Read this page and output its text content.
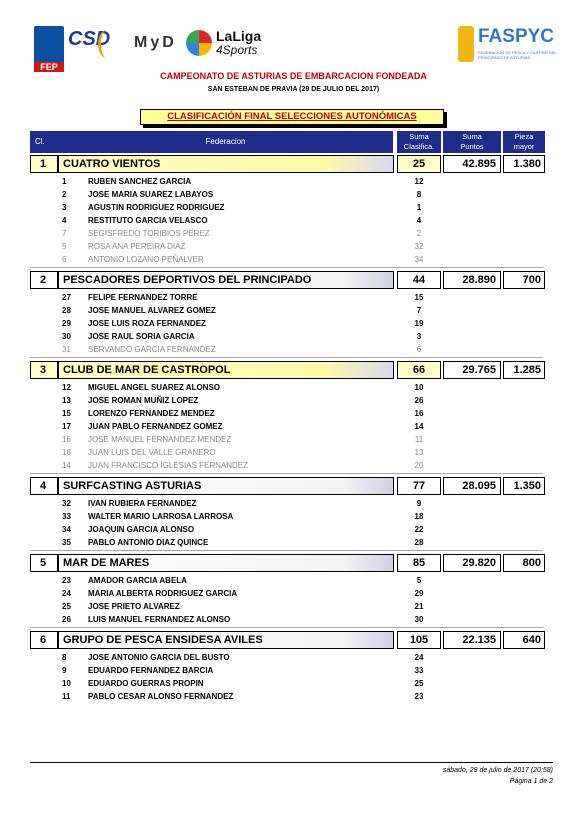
FEP
CSD MyD	LaLiga
4Sports
FASPYC
FEDERACION DE PESCA Y CASTING DEL PRINCIPADO DE ASTURIAS
CAMPEONATO DE ASTURIAS DE EMBARCACION FONDEADA
SAN ESTEBAN DE PRAVIA (29 DE JULIO DEL 2017)
CLASIFICACIÓN FINAL SELECCIONES AUTONÓMICAS
Cl.	Federacion
Suma
Clasifica.
Suma
Puntos
Pieza
mayor
1	CUATRO VIENTOS	25	42.895	1.380
1	RUBEN SANCHEZ GARCIA	12
2	JOSE MARIA SUAREZ LABAYOS	8
3	AGUSTIN RODRIGUEZ RODRIGUEZ	1
4	RESTITUTO GARCIA VELASCO	4
7	SEGISFREDO TORIBIOS PEREZ	2
5	ROSA ANA PEREIRA DIAZ	32
6	ANTONIO LOZANO PEÑALVER	34
2	PESCADORES DEPORTIVOS DEL PRINCIPADO	44	28.890	700
27	FELIPE FERNANDEZ TORRE	15
28	JOSE MANUEL ALVAREZ GOMEZ	7
29	JOSE LUIS ROZA FERNANDEZ	19
30	JOSE RAUL SORIA GARCIA	3
31	SERVANDO GARCIA FERNANDEZ	6
3	CLUB DE MAR DE CASTROPOL	66	29.765	1.285
12	MIGUEL ANGEL SUAREZ ALONSO	10
13	JOSE ROMAN MUÑIZ LOPEZ	26
15	LORENZO FERNANDEZ MENDEZ	16
17	JUAN PABLO FERNANDEZ GOMEZ	14
16	JOSE MANUEL FERNANDEZ MENDEZ	11
18	JUAN LUIS DEL VALLE GRANERO	13
14	JUAN FRANCISCO IGLESIAS FERNANDEZ	20
4	SURFCASTING ASTURIAS	77	28.095	1.350
32	IVAN RUBIERA FERNANDEZ	9
33	WALTER MARIO LARROSA LARROSA	18
34	JOAQUIN GARCIA ALONSO	22
35	PABLO ANTONIO DIAZ QUINCE	28
5	MAR DE MARES	85	29.820	800
23	AMADOR GARCIA ABELA	5
24	MARIA ALBERTA RODRIGUEZ GARCIA	29
25	JOSE PRIETO ALVAREZ	21
26	LUIS MANUEL FERNANDEZ ALONSO	30
6	GRUPO DE PESCA ENSIDESA AVILES	105	22.135	640
8	JOSE ANTONIO GARCIA DEL BUSTO	24
9	EDUARDO FERNANDEZ BARCIA	33
10	EDUARDO GUERRAS PROPIN	25
11	PABLO CESAR ALONSO FERNANDEZ	23
sábado, 29 de julio de 2017 (20:58)
Página 1 de 2
